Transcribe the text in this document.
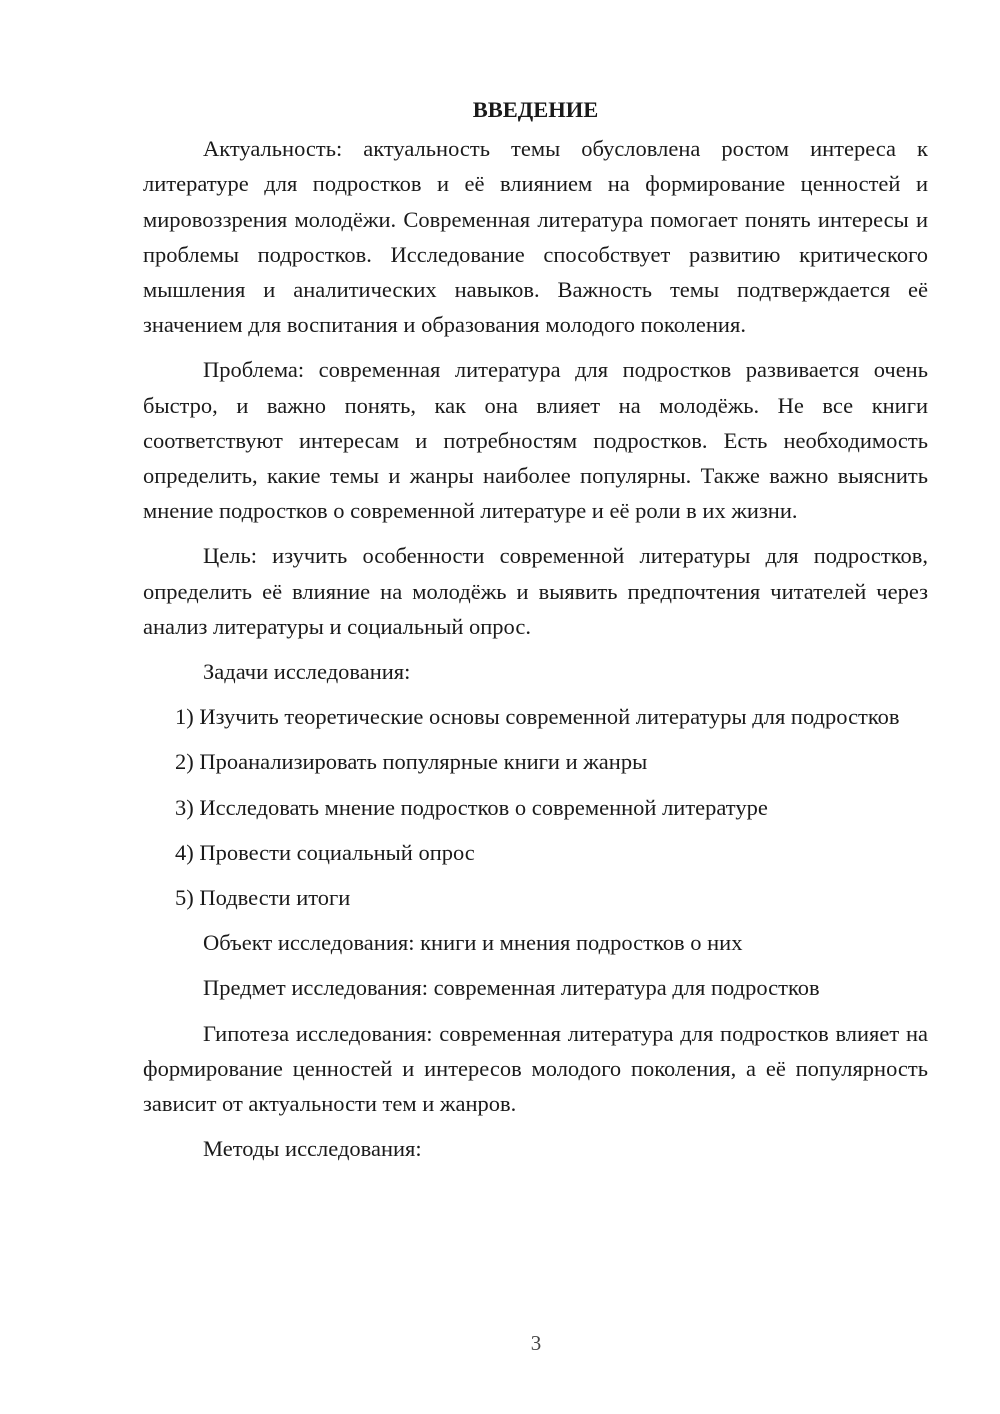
ВВЕДЕНИЕ

Актуальность: актуальность темы обусловлена ростом интереса к литературе для подростков и её влиянием на формирование ценностей и мировоззрения молодёжи. Современная литература помогает понять интересы и проблемы подростков. Исследование способствует развитию критического мышления и аналитических навыков. Важность темы подтверждается её значением для воспитания и образования молодого поколения.

Проблема: современная литература для подростков развивается очень быстро, и важно понять, как она влияет на молодёжь. Не все книги соответствуют интересам и потребностям подростков. Есть необходимость определить, какие темы и жанры наиболее популярны. Также важно выяснить мнение подростков о современной литературе и её роли в их жизни.

Цель: изучить особенности современной литературы для подростков, определить её влияние на молодёжь и выявить предпочтения читателей через анализ литературы и социальный опрос.

Задачи исследования:

1) Изучить теоретические основы современной литературы для подростков

2) Проанализировать популярные книги и жанры

3) Исследовать мнение подростков о современной литературе

4) Провести социальный опрос

5) Подвести итоги

Объект исследования: книги и мнения подростков о них

Предмет исследования: современная литература для подростков

Гипотеза исследования: современная литература для подростков влияет на формирование ценностей и интересов молодого поколения, а её популярность зависит от актуальности тем и жанров.

Методы исследования:

3
